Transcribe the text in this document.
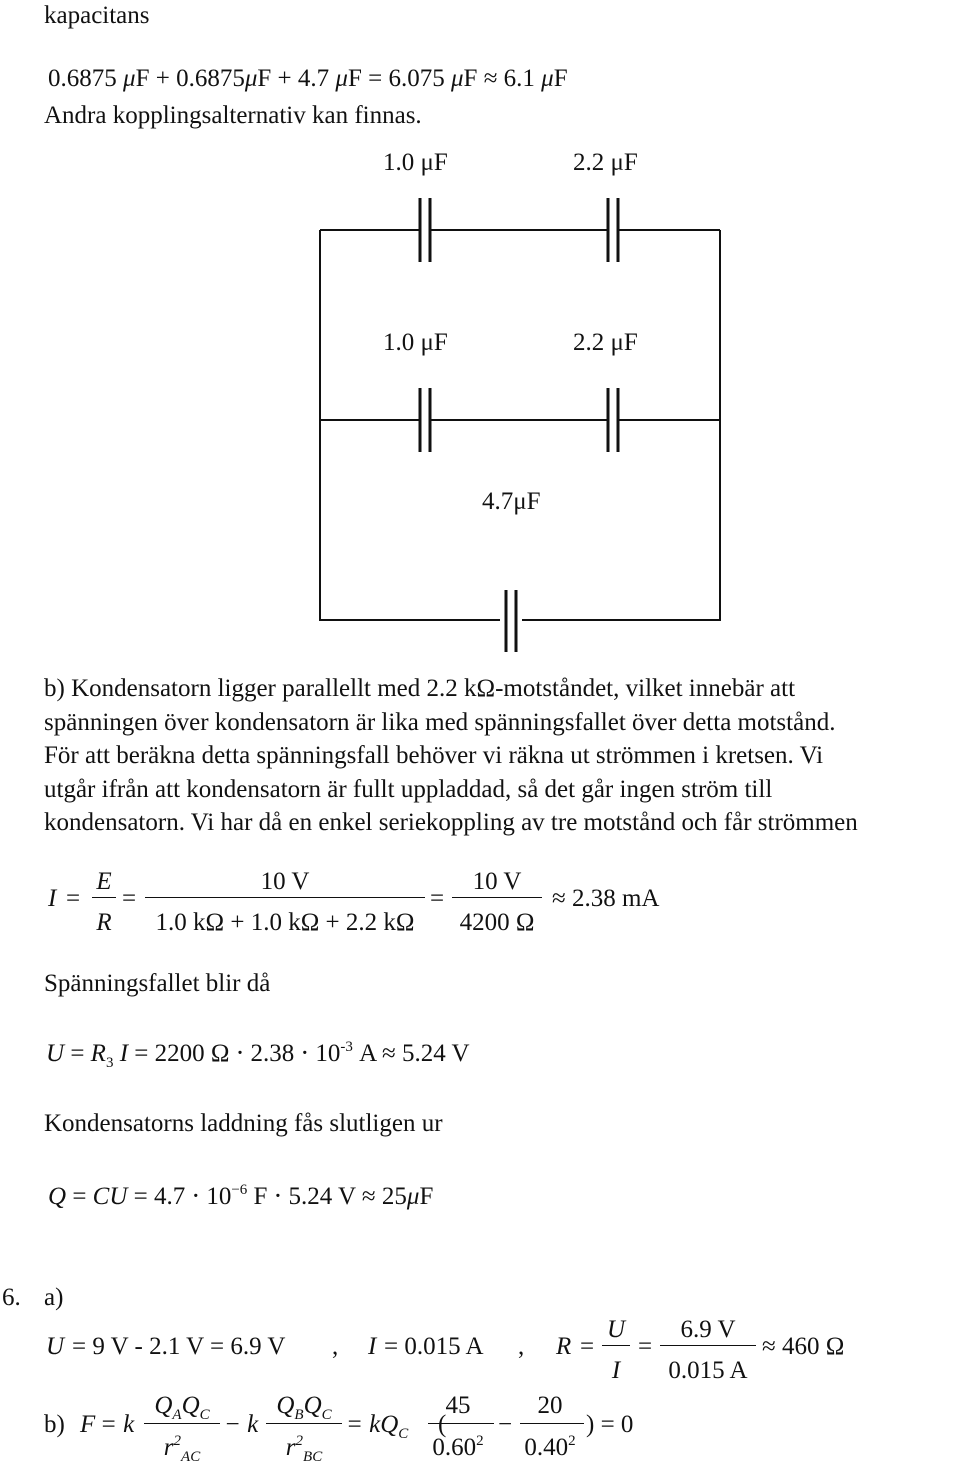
kapacitans
0.6875 μF + 0.6875μF + 4.7 μF = 6.075 μF ≈ 6.1 μF
Andra kopplingsalternativ kan finnas.
1.0 μF	2.2 μF
1.0 μF	2.2 μF
4.7μF
b) Kondensatorn ligger parallellt med 2.2 kΩ-motståndet, vilket innebär att
spänningen över kondensatorn är lika med spänningsfallet över detta motstånd.
För att beräkna detta spänningsfall behöver vi räkna ut strömmen i kretsen. Vi
utgår ifrån att kondensatorn är fullt uppladdad, så det går ingen ström till
kondensatorn. Vi har då en enkel seriekoppling av tre motstånd och får strömmen
I =
E
R
=
10 V
1.0 kΩ + 1.0 kΩ + 2.2 kΩ
=
10 V
4200 Ω
≈ 2.38 mA
Spänningsfallet blir då
$U = R_3$ I = 2200 $\Omega \cdot 2.38 \cdot 10^{-3}$ A ≈ 5.24 V
Kondensatorns laddning fås slutligen ur
Q = CU = $4.7 \cdot 10^{-6}$ F ⋅ 5.24 V ≈ 25μF
6. a)
U = 9 V - 2.1 V = 6.9 V , I = 0.015 A , R =
U
I
=
6.9 V
0.015 A
≈ 460 Ω
b) F = k
$Q_AQ_C$
$r^2_{AC}$
− k
$Q_BQ_C$
$r^2_{BC}$
= $kQ_C$ (
45
$0.60^2$
−
20
0.40$^2$
) = 0
